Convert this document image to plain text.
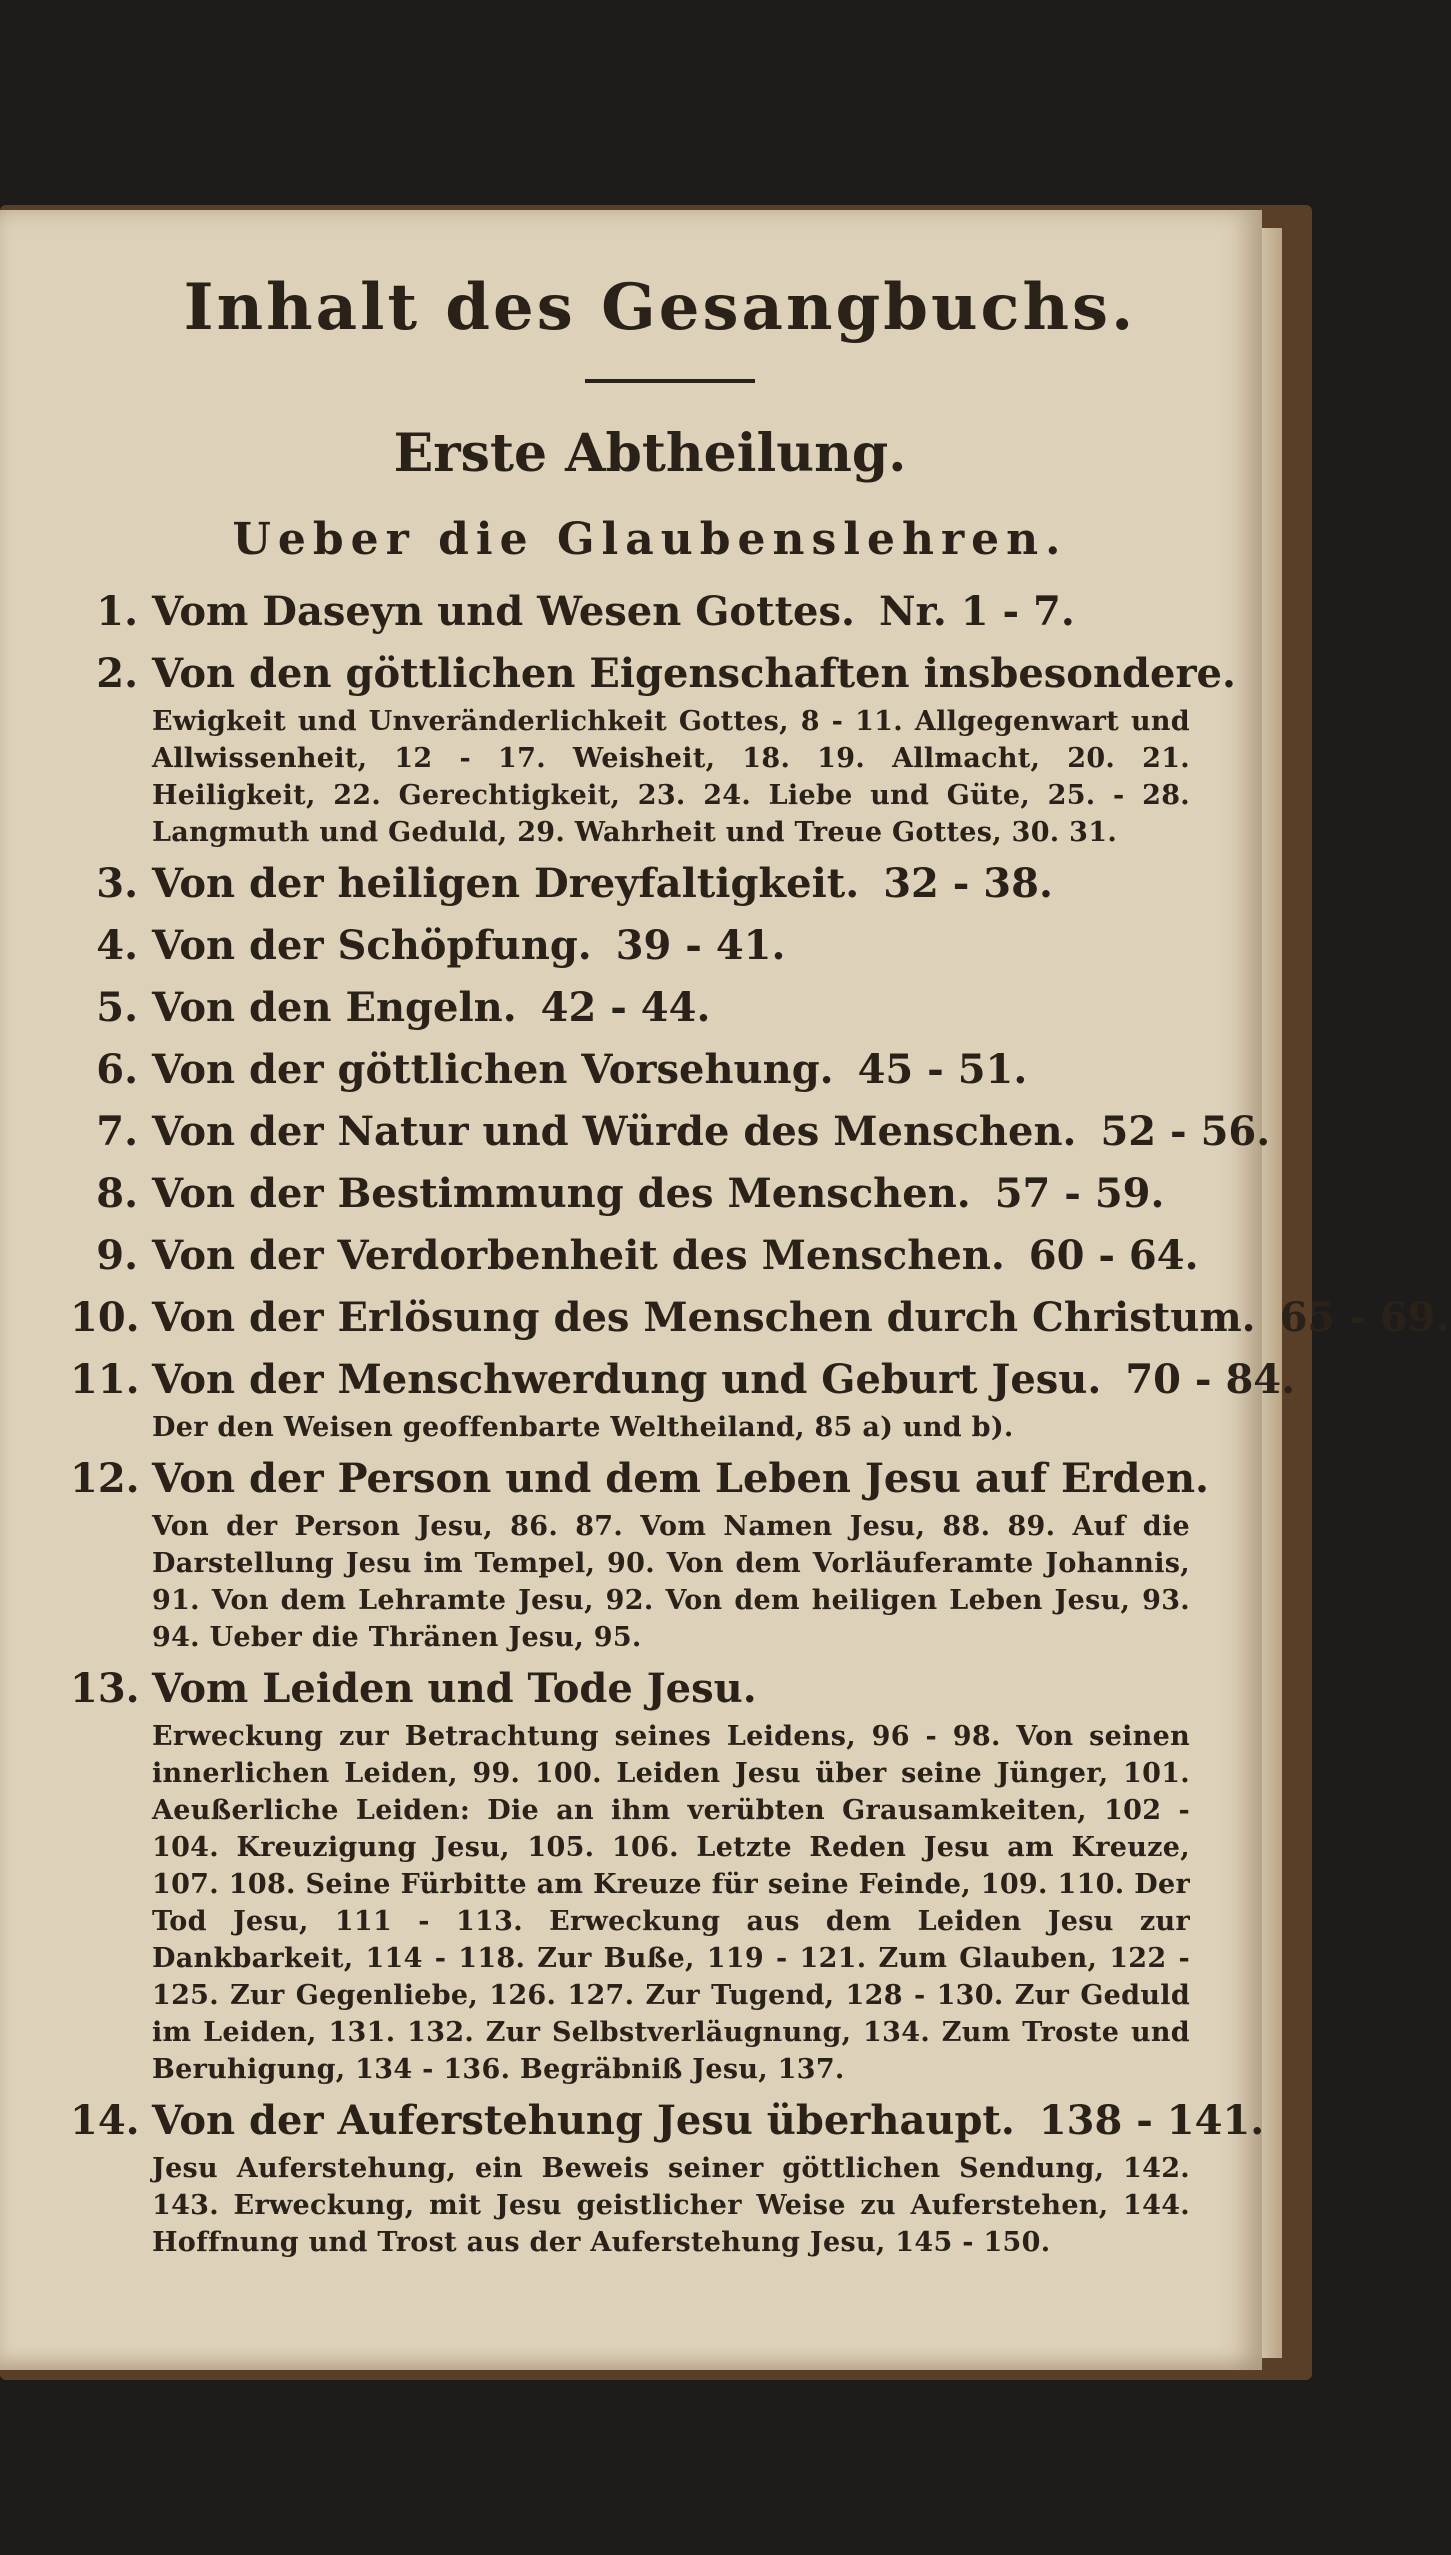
Inhalt des Gesangbuchs.
Erste Abtheilung.
Ueber die Glaubenslehren.
1. Vom Daseyn und Wesen Gottes. Nr. 1 - 7.
2. Von den göttlichen Eigenschaften insbesondere.
Ewigkeit und Unveränderlichkeit Gottes, 8 - 11. Allgegenwart und Allwissenheit, 12 - 17. Weisheit, 18. 19. Allmacht, 20. 21. Heiligkeit, 22. Gerechtigkeit, 23. 24. Liebe und Güte, 25. - 28. Langmuth und Geduld, 29. Wahrheit und Treue Gottes, 30. 31.
3. Von der heiligen Dreyfaltigkeit. 32 - 38.
4. Von der Schöpfung. 39 - 41.
5. Von den Engeln. 42 - 44.
6. Von der göttlichen Vorsehung. 45 - 51.
7. Von der Natur und Würde des Menschen. 52 - 56.
8. Von der Bestimmung des Menschen. 57 - 59.
9. Von der Verdorbenheit des Menschen. 60 - 64.
10. Von der Erlösung des Menschen durch Christum. 65 - 69.
11. Von der Menschwerdung und Geburt Jesu. 70 - 84.
Der den Weisen geoffenbarte Weltheiland, 85 a) und b).
12. Von der Person und dem Leben Jesu auf Erden.
Von der Person Jesu, 86. 87. Vom Namen Jesu, 88. 89. Auf die Darstellung Jesu im Tempel, 90. Von dem Vorläuferamte Johannis, 91. Von dem Lehramte Jesu, 92. Von dem heiligen Leben Jesu, 93. 94. Ueber die Thränen Jesu, 95.
13. Vom Leiden und Tode Jesu.
Erweckung zur Betrachtung seines Leidens, 96 - 98. Von seinen innerlichen Leiden, 99. 100. Leiden Jesu über seine Jünger, 101. Aeußerliche Leiden: Die an ihm verübten Grausamkeiten, 102 - 104. Kreuzigung Jesu, 105. 106. Letzte Reden Jesu am Kreuze, 107. 108. Seine Fürbitte am Kreuze für seine Feinde, 109. 110. Der Tod Jesu, 111 - 113. Erweckung aus dem Leiden Jesu zur Dankbarkeit, 114 - 118. Zur Buße, 119 - 121. Zum Glauben, 122 - 125. Zur Gegenliebe, 126. 127. Zur Tugend, 128 - 130. Zur Geduld im Leiden, 131. 132. Zur Selbstverläugnung, 134. Zum Troste und Beruhigung, 134 - 136. Begräbniß Jesu, 137.
14. Von der Auferstehung Jesu überhaupt. 138 - 141.
Jesu Auferstehung, ein Beweis seiner göttlichen Sendung, 142. 143. Erweckung, mit Jesu geistlicher Weise zu Auferstehen, 144. Hoffnung und Trost aus der Auferstehung Jesu, 145 - 150.
